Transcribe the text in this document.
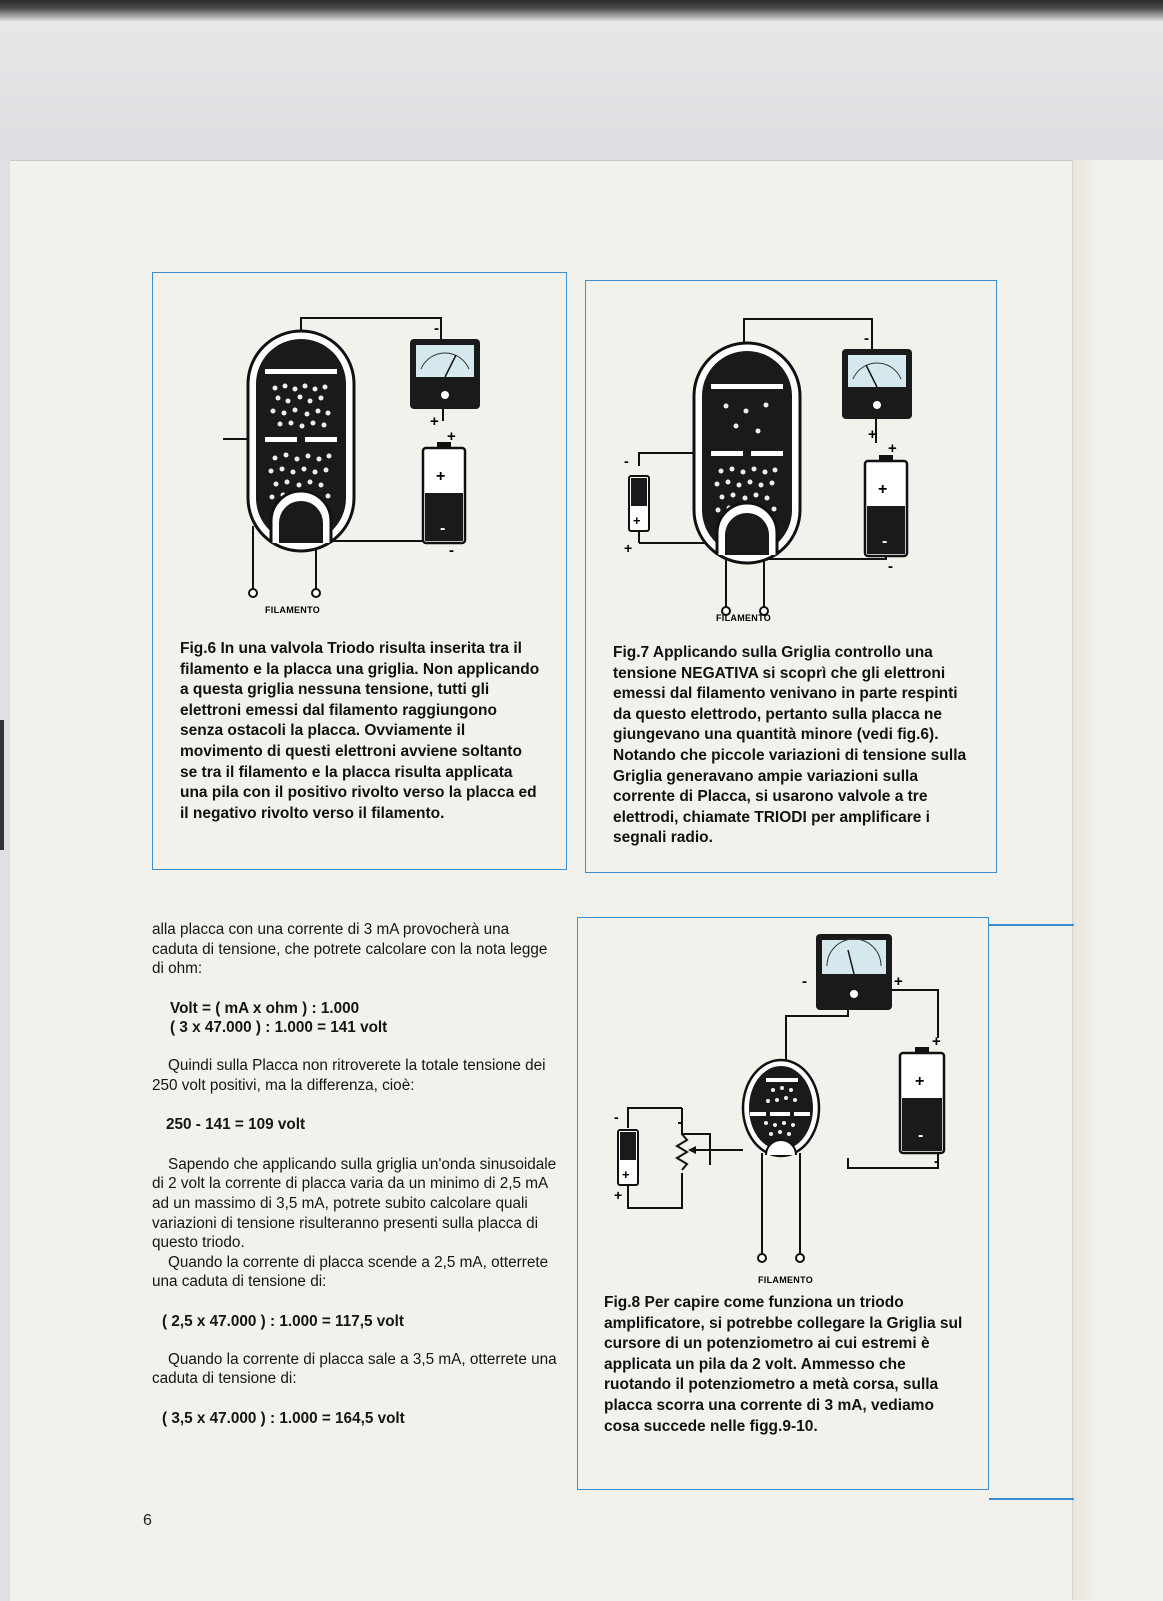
+
-
+
+
-
-
FILAMENTO

Fig.6 In una valvola Triodo risulta inserita tra il filamento e la placca una griglia. Non applicando a questa griglia nessuna tensione, tutti gli elettroni emessi dal filamento raggiungono senza ostacoli la placca. Ovviamente il movimento di questi elettroni avviene soltanto se tra il filamento e la placca risulta applicata una pila con il positivo rivolto verso la placca ed il negativo rivolto verso il filamento.

+
-
-
+
+
-
+
-
+
FILAMENTO

Fig.7 Applicando sulla Griglia controllo una tensione NEGATIVA si scoprì che gli elettroni emessi dal filamento venivano in parte respinti da questo elettrodo, pertanto sulla placca ne giungevano una quantità minore (vedi fig.6). Notando che piccole variazioni di tensione sulla Griglia generavano ampie variazioni sulla corrente di Placca, si usarono valvole a tre elettrodi, chiamate TRIODI per amplificare i segnali radio.

+
-
-	+
+
-
+
-
+
FILAMENTO

Fig.8 Per capire come funziona un triodo amplificatore, si potrebbe collegare la Griglia sul cursore di un potenziometro ai cui estremi è applicata un pila da 2 volt. Ammesso che ruotando il potenziometro a metà corsa, sulla placca scorra una corrente di 3 mA, vediamo cosa succede nelle figg.9-10.

alla placca con una corrente di 3 mA provocherà una caduta di tensione, che potrete calcolare con la nota legge di ohm:

Volt = ( mA x ohm ) : 1.000

( 3 x 47.000 ) : 1.000 = 141 volt

Quindi sulla Placca non ritroverete la totale tensione dei 250 volt positivi, ma la differenza, cioè:

250 - 141 = 109 volt

Sapendo che applicando sulla griglia un'onda sinusoidale di 2 volt la corrente di placca varia da un minimo di 2,5 mA ad un massimo di 3,5 mA, potrete subito calcolare quali variazioni di tensione risulteranno presenti sulla placca di questo triodo.

Quando la corrente di placca scende a 2,5 mA, otterrete una caduta di tensione di:

( 2,5 x 47.000 ) : 1.000 = 117,5 volt

Quando la corrente di placca sale a 3,5 mA, otterrete una caduta di tensione di:

( 3,5 x 47.000 ) : 1.000 = 164,5 volt

6
